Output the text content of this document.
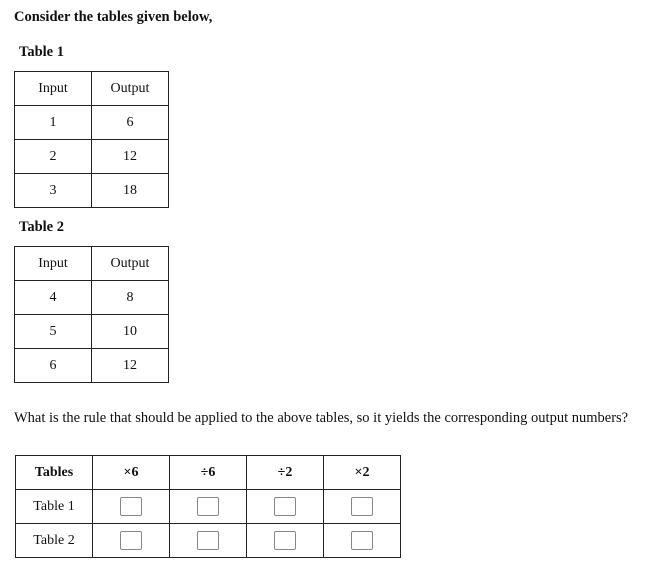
Consider the tables given below,
Table 1
Input	Output
1	6
2	12
3	18
Table 2
Input	Output
4	8
5	10
6	12
What is the rule that should be applied to the above tables, so it yields the corresponding output numbers?
Tables	×6	÷6	÷2	×2
Table 1				
Table 2				
